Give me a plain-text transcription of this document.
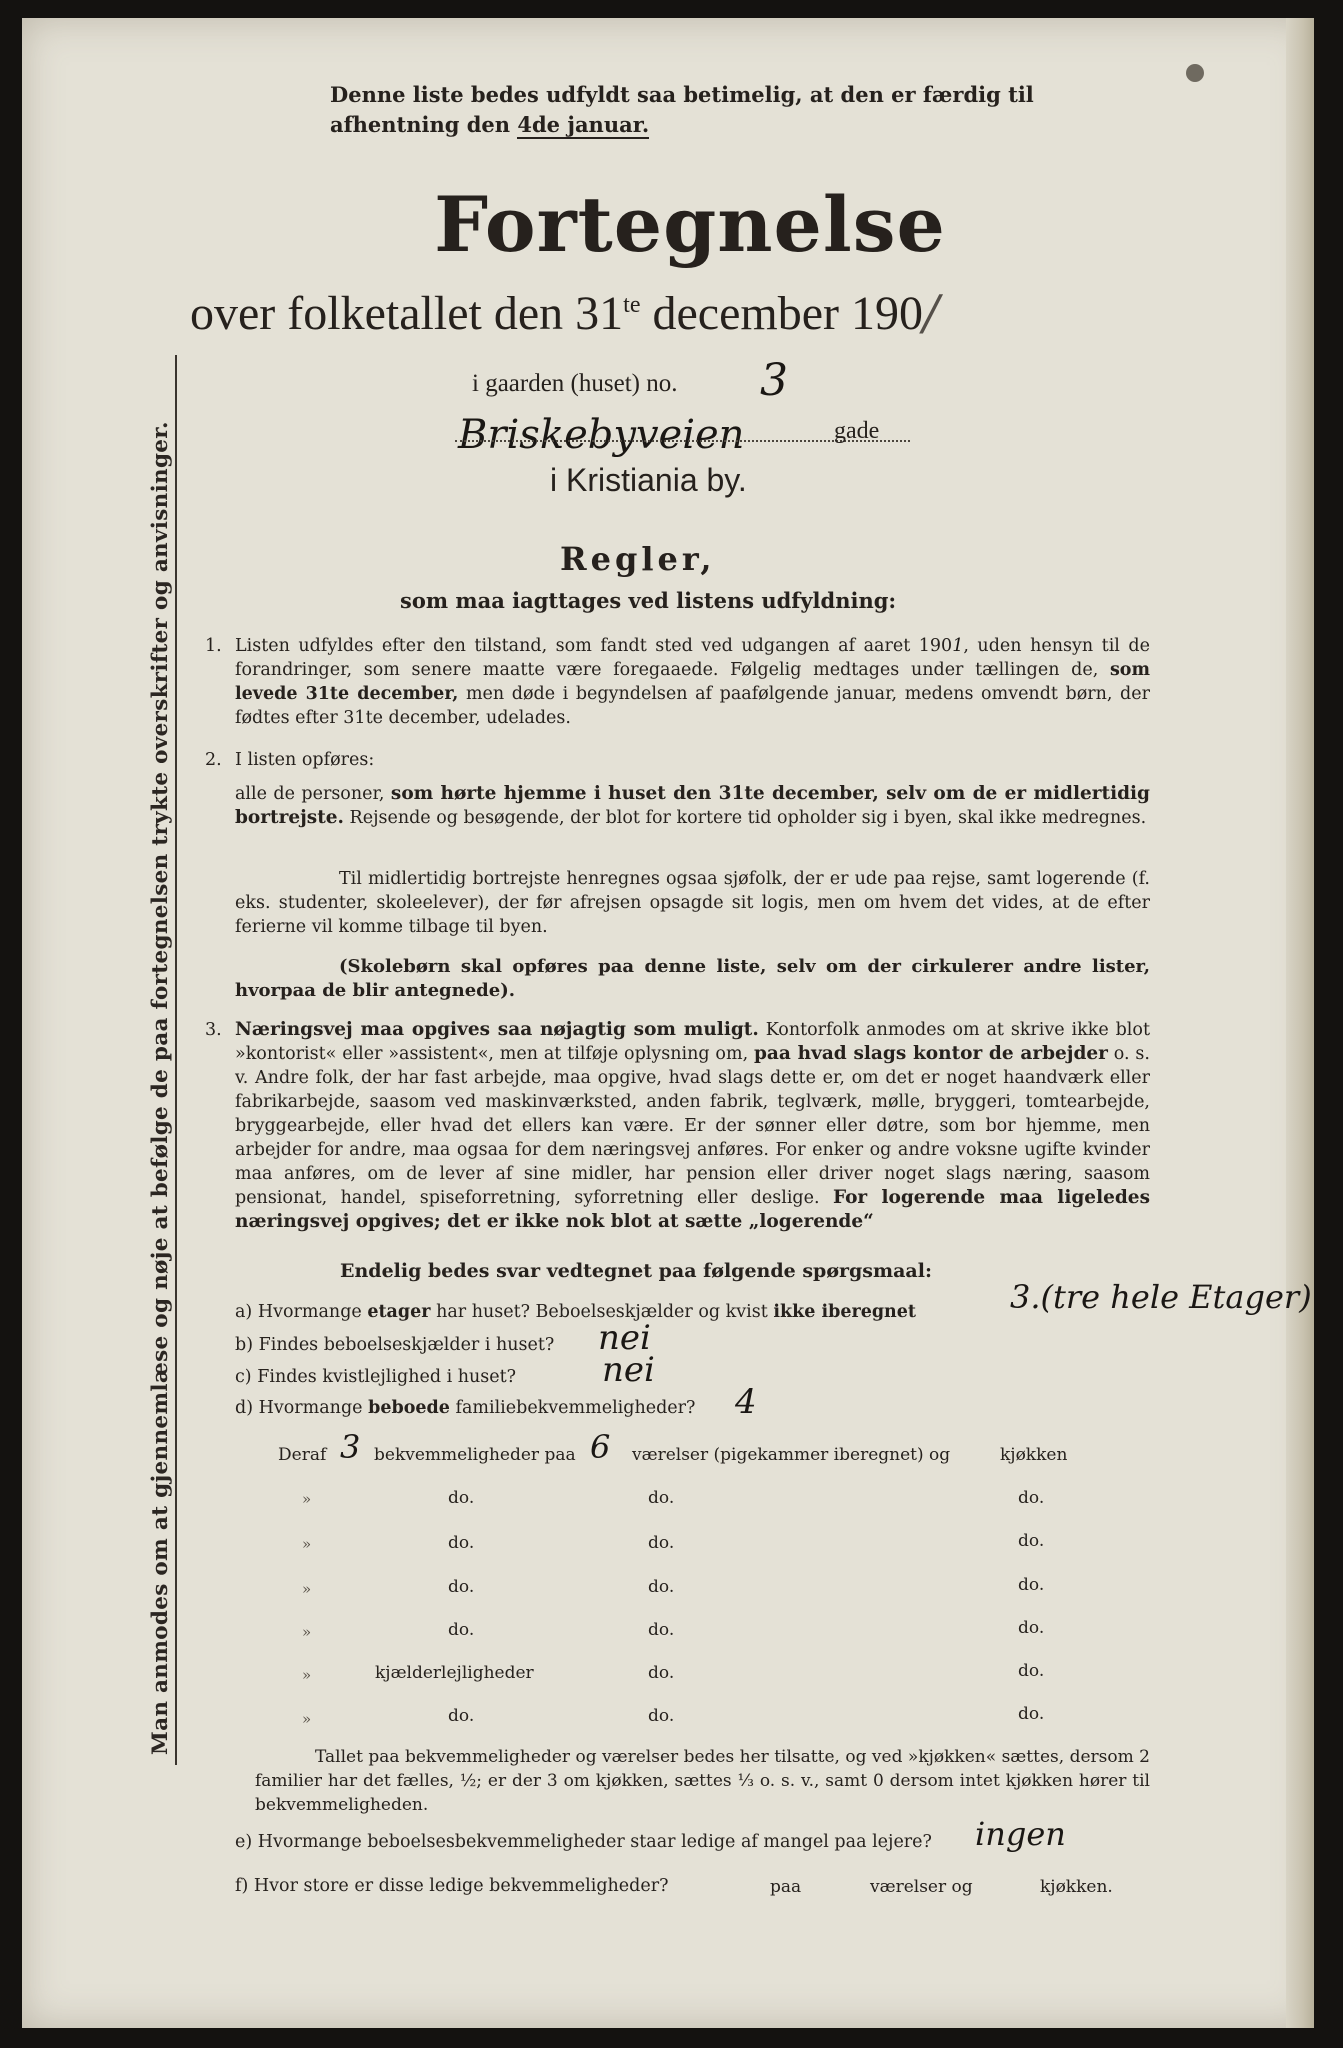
Man anmodes om at gjennemlæse og nøje at befølge de paa fortegnelsen trykte overskrifter og anvisninger.
Denne liste bedes udfyldt saa betimelig, at den er færdig til afhentning den 4de januar.
Fortegnelse
over folketallet den $31^{te}$ december 190/
i gaarden (huset) no. 3
Briskebyveien	gade
i Kristiania by.
Regler,
som maa iagttages ved listens udfyldning:
1. Listen udfyldes efter den tilstand, som fandt sted ved udgangen af aaret 1901, uden hensyn til de forandringer, som senere maatte være foregaaede. Følgelig medtages under tællingen de, som levede 31te december, men døde i begyndelsen af paafølgende januar, medens omvendt børn, der fødtes efter 31te december, udelades.
2. I listen opføres:
alle de personer, som hørte hjemme i huset den 31te december, selv om de er midlertidig bortrejste. Rejsende og besøgende, der blot for kortere tid opholder sig i byen, skal ikke medregnes.
Til midlertidig bortrejste henregnes ogsaa sjøfolk, der er ude paa rejse, samt logerende (f. eks. studenter, skoleelever), der før afrejsen opsagde sit logis, men om hvem det vides, at de efter ferierne vil komme tilbage til byen.
(Skolebørn skal opføres paa denne liste, selv om der cirkulerer andre lister, hvorpaa de blir antegnede).
3. Næringsvej maa opgives saa nøjagtig som muligt. Kontorfolk anmodes om at skrive ikke blot »kontorist« eller »assistent«, men at tilføje oplysning om, paa hvad slags kontor de arbejder o. s. v. Andre folk, der har fast arbejde, maa opgive, hvad slags dette er, om det er noget haandværk eller fabrikarbejde, saasom ved maskinværksted, anden fabrik, teglværk, mølle, bryggeri, tomtearbejde, bryggearbejde, eller hvad det ellers kan være. Er der sønner eller døtre, som bor hjemme, men arbejder for andre, maa ogsaa for dem næringsvej anføres. For enker og andre voksne ugifte kvinder maa anføres, om de lever af sine midler, har pension eller driver noget slags næring, saasom pensionat, handel, spiseforretning, syforretning eller deslige. For logerende maa ligeledes næringsvej opgives; det er ikke nok blot at sætte „logerende“
Endelig bedes svar vedtegnet paa følgende spørgsmaal:
a) Hvormange etager har huset? Beboelseskjælder og kvist ikke iberegnet	3.(tre hele Etager)
b) Findes beboelseskjælder i huset? nei
c) Findes kvistlejlighed i huset?	nei
d) Hvormange beboede familiebekvemmeligheder? 4
Deraf 3 bekvemmeligheder paa 6 værelser (pigekammer iberegnet) og	kjøkken
»	do.	do.	do.
»	do.	do.	do.
»	do.	do.	do.
»	do.	do.	do.
»	kjælderlejligheder	do.	do.
»	do.	do.	do.
Tallet paa bekvemmeligheder og værelser bedes her tilsatte, og ved »kjøkken« sættes, dersom 2 familier har det fælles, ½; er der 3 om kjøkken, sættes ⅓ o. s. v., samt 0 dersom intet kjøkken hører til bekvemmeligheden.
e) Hvormange beboelsesbekvemmeligheder staar ledige af mangel paa lejere? ingen
f) Hvor store er disse ledige bekvemmeligheder?	paa	værelser og	kjøkken.
